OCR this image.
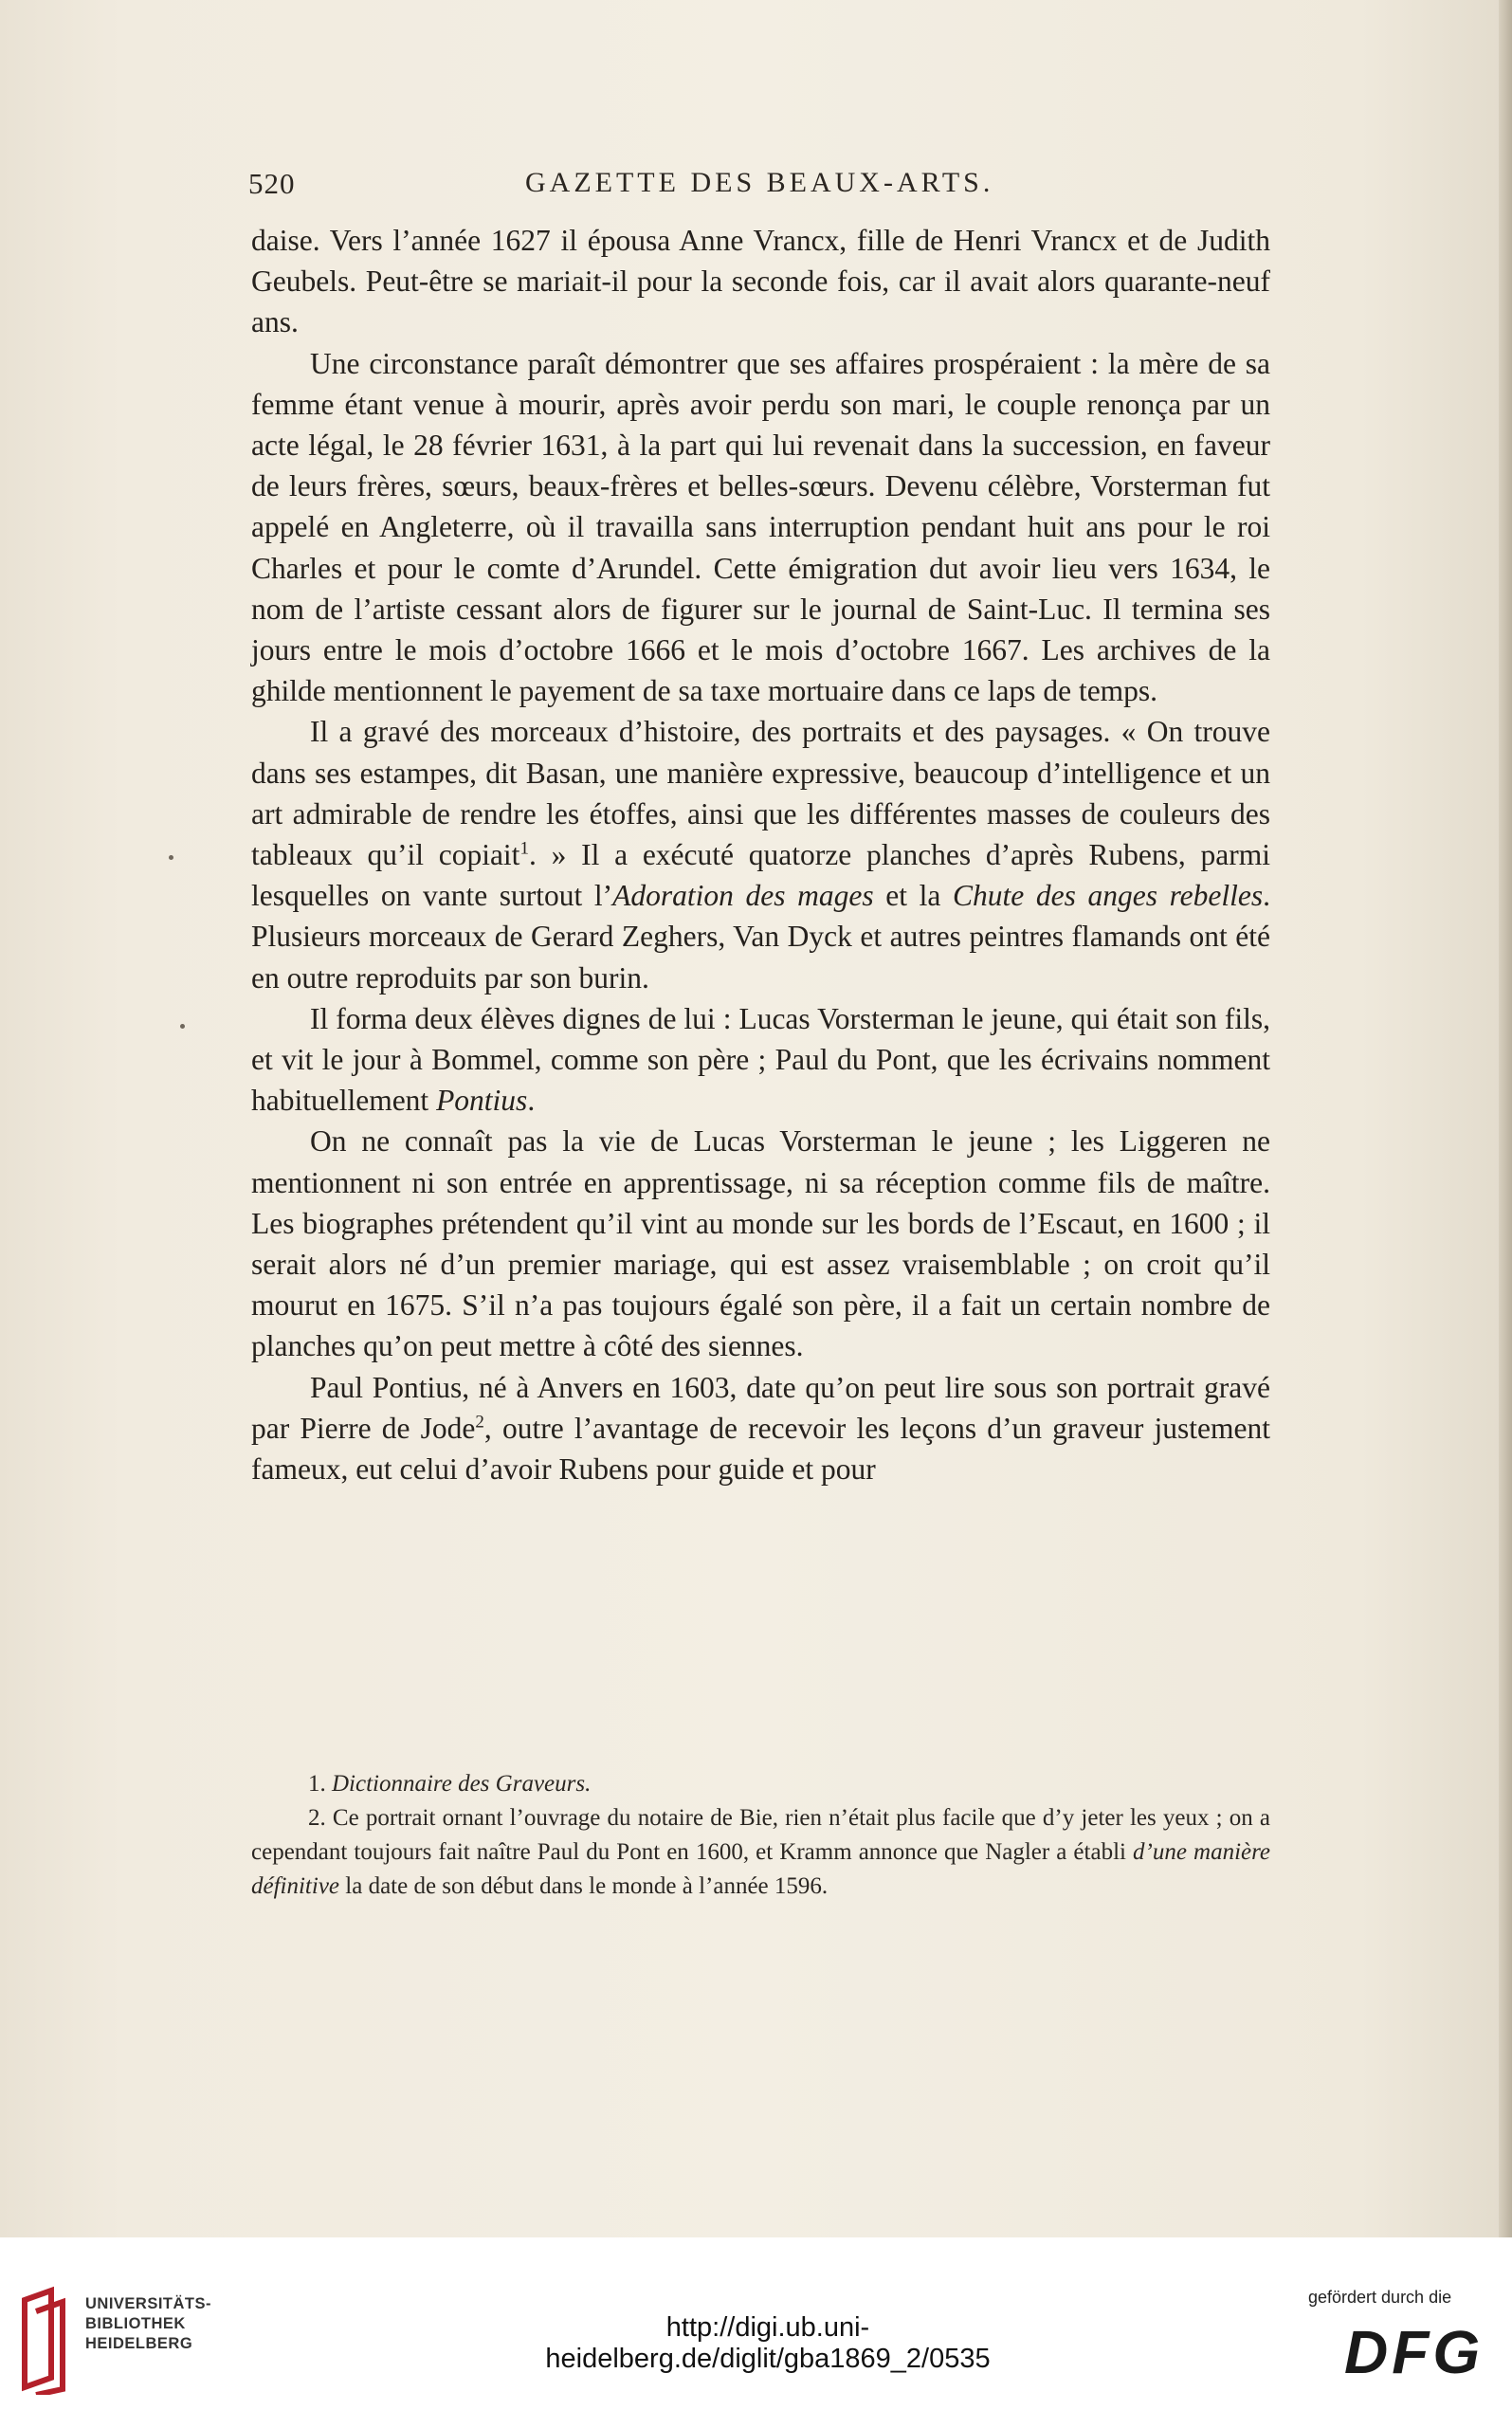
520	GAZETTE DES BEAUX-ARTS.

daise. Vers l’année 1627 il épousa Anne Vrancx, fille de Henri Vrancx et de Judith Geubels. Peut-être se mariait-il pour la seconde fois, car il avait alors quarante-neuf ans.

Une circonstance paraît démontrer que ses affaires prospéraient : la mère de sa femme étant venue à mourir, après avoir perdu son mari, le couple renonça par un acte légal, le 28 février 1631, à la part qui lui revenait dans la succession, en faveur de leurs frères, sœurs, beaux-frères et belles-sœurs. Devenu célèbre, Vorsterman fut appelé en Angleterre, où il travailla sans interruption pendant huit ans pour le roi Charles et pour le comte d’Arundel. Cette émigration dut avoir lieu vers 1634, le nom de l’artiste cessant alors de figurer sur le journal de Saint-Luc. Il termina ses jours entre le mois d’octobre 1666 et le mois d’octobre 1667. Les archives de la ghilde mentionnent le payement de sa taxe mortuaire dans ce laps de temps.

Il a gravé des morceaux d’histoire, des portraits et des paysages. « On trouve dans ses estampes, dit Basan, une manière expressive, beaucoup d’intelligence et un art admirable de rendre les étoffes, ainsi que les différentes masses de couleurs des tableaux qu’il copiait$^1$. » Il a exécuté quatorze planches d’après Rubens, parmi lesquelles on vante surtout l’Adoration des mages et la Chute des anges rebelles. Plusieurs morceaux de Gerard Zeghers, Van Dyck et autres peintres flamands ont été en outre reproduits par son burin.

Il forma deux élèves dignes de lui : Lucas Vorsterman le jeune, qui était son fils, et vit le jour à Bommel, comme son père ; Paul du Pont, que les écrivains nomment habituellement Pontius.

On ne connaît pas la vie de Lucas Vorsterman le jeune ; les Liggeren ne mentionnent ni son entrée en apprentissage, ni sa réception comme fils de maître. Les biographes prétendent qu’il vint au monde sur les bords de l’Escaut, en 1600 ; il serait alors né d’un premier mariage, qui est assez vraisemblable ; on croit qu’il mourut en 1675. S’il n’a pas toujours égalé son père, il a fait un certain nombre de planches qu’on peut mettre à côté des siennes.

Paul Pontius, né à Anvers en 1603, date qu’on peut lire sous son portrait gravé par Pierre de Jode$^2$, outre l’avantage de recevoir les leçons d’un graveur justement fameux, eut celui d’avoir Rubens pour guide et pour

1. Dictionnaire des Graveurs.

2. Ce portrait ornant l’ouvrage du notaire de Bie, rien n’était plus facile que d’y jeter les yeux ; on a cependant toujours fait naître Paul du Pont en 1600, et Kramm annonce que Nagler a établi d’une manière définitive la date de son début dans le monde à l’année 1596.

UNIVERSITÄTS-
BIBLIOTHEK
HEIDELBERG
http://digi.ub.uni-heidelberg.de/diglit/gba1869_2/0535
gefördert durch die
DFG
